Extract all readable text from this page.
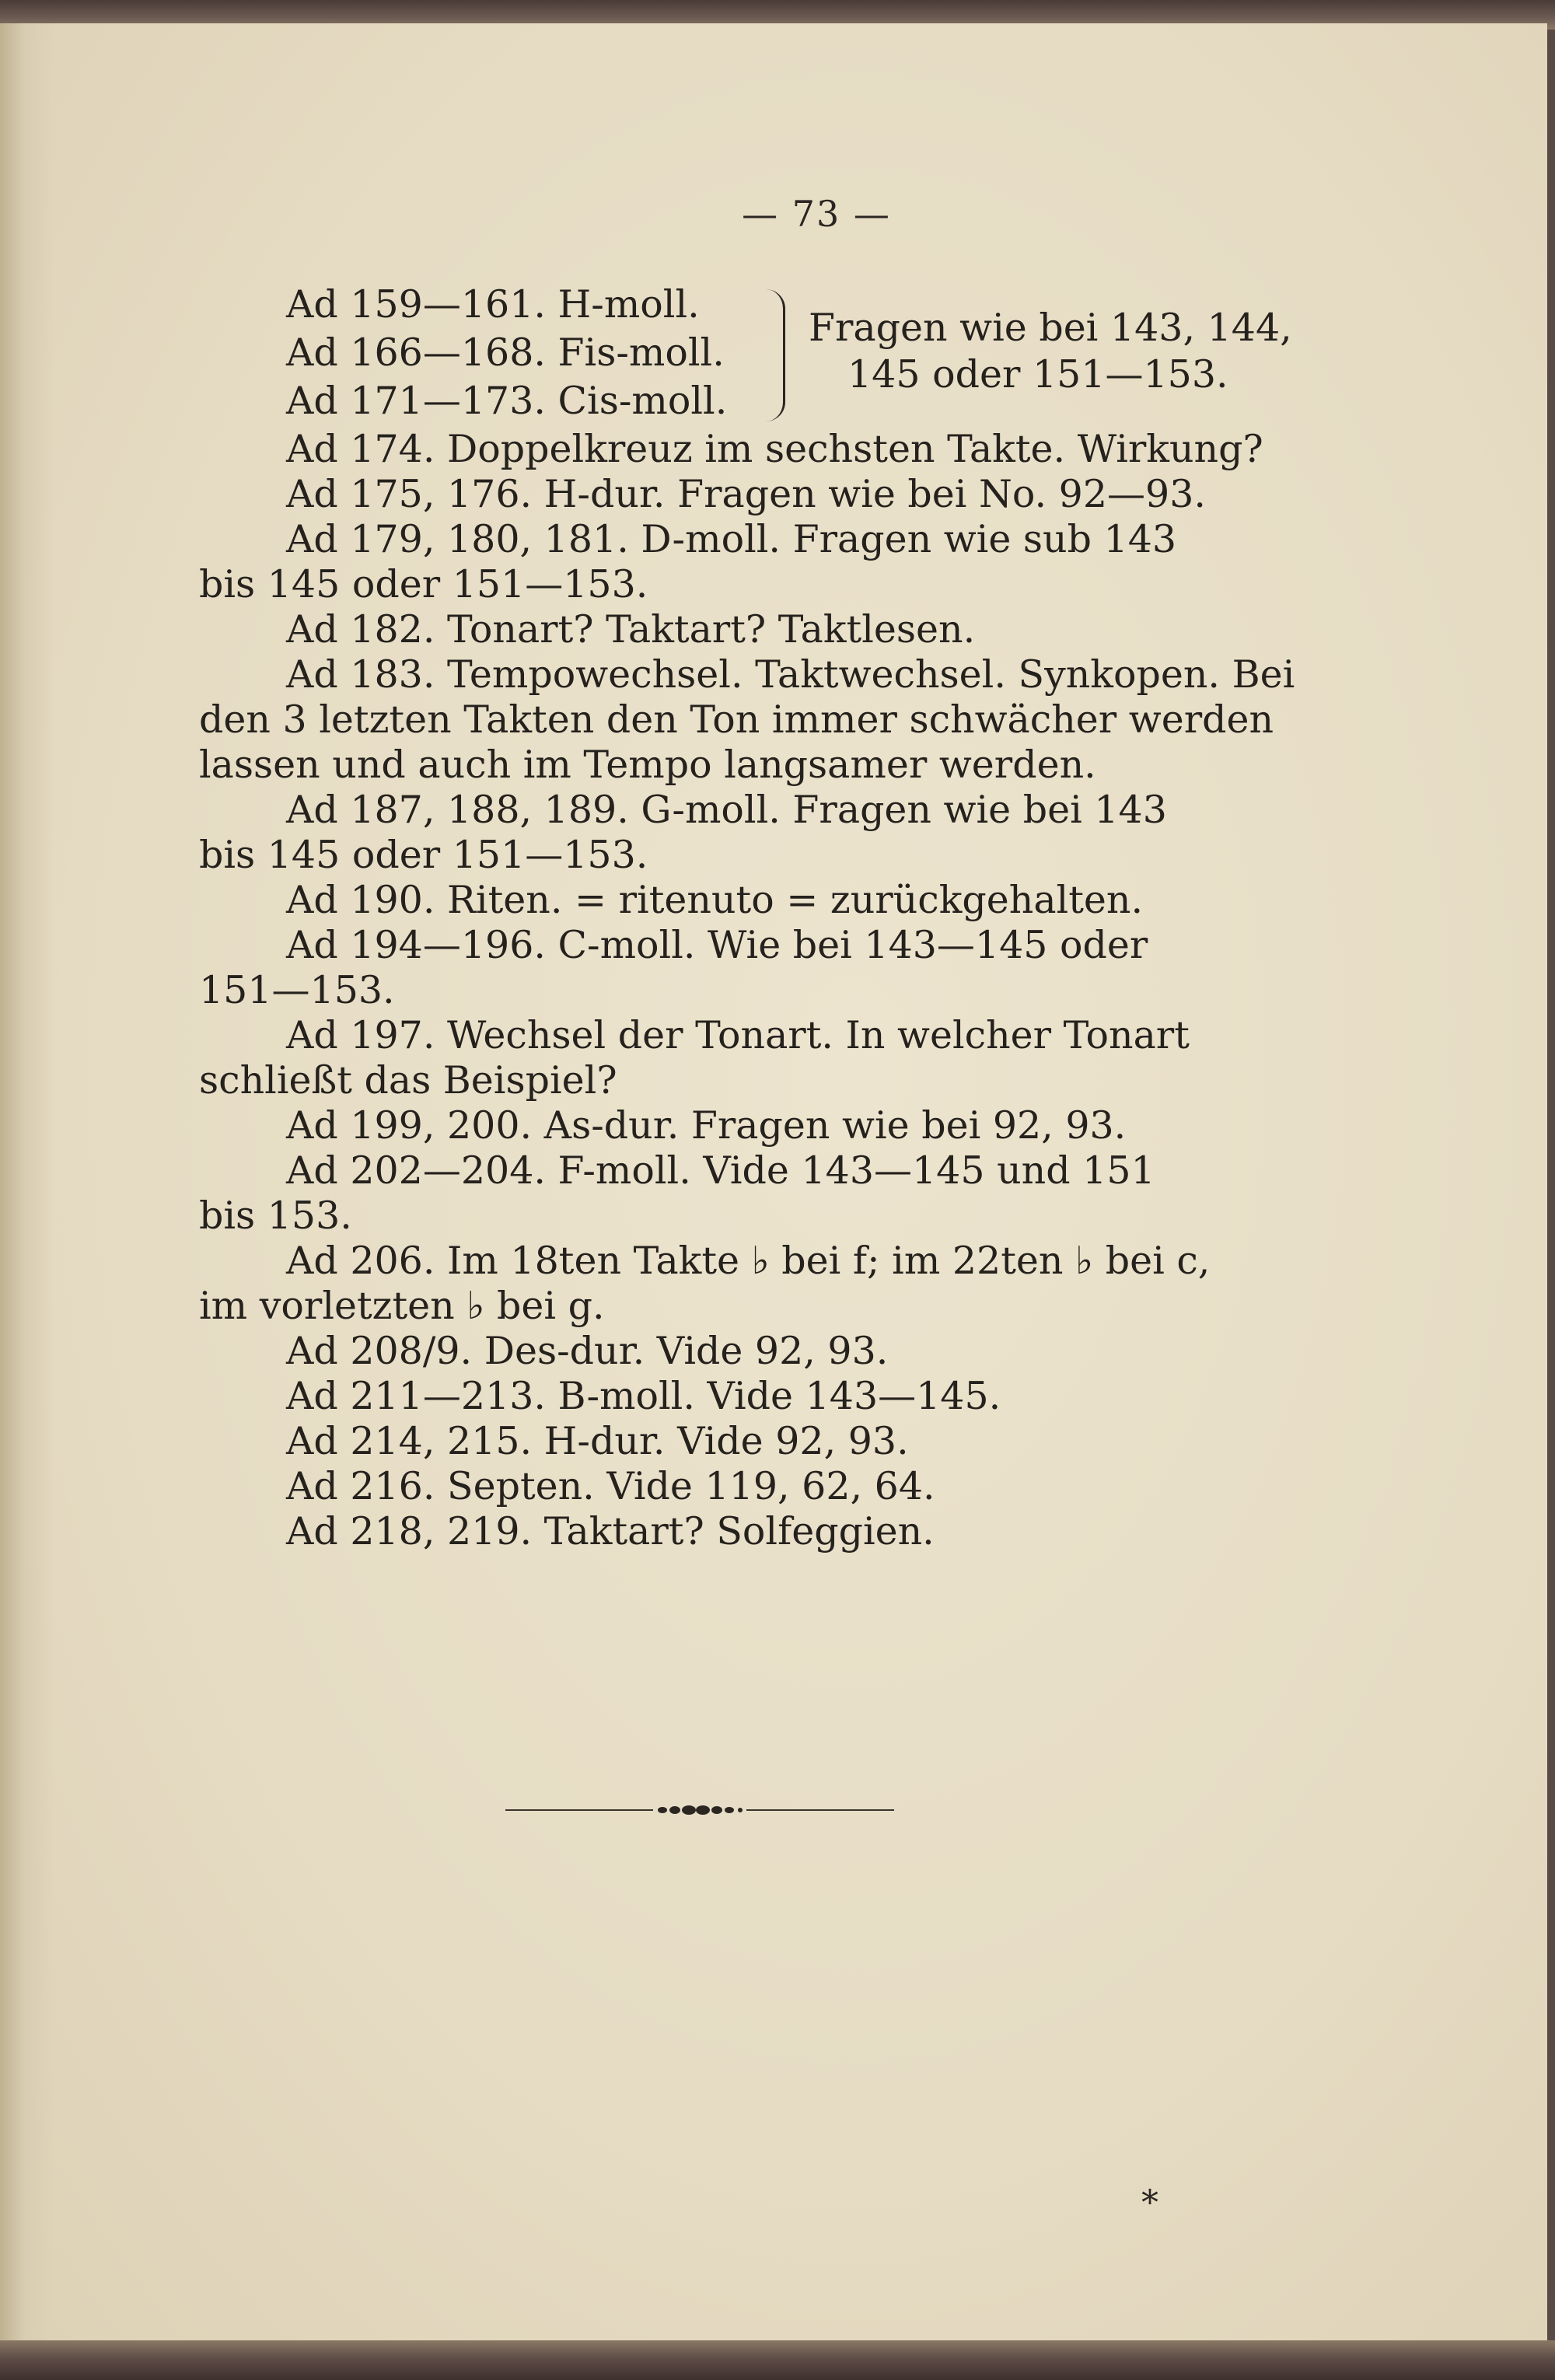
— 73 —
Ad 159—161. H-moll.
Ad 166—168. Fis-moll.
Ad 171—173. Cis-moll.
Fragen wie bei 143, 144,
145 oder 151—153.
Ad 174. Doppelkreuz im sechsten Takte. Wirkung?
Ad 175, 176. H-dur. Fragen wie bei No. 92—93.
Ad 179, 180, 181. D-moll. Fragen wie sub 143
bis 145 oder 151—153.
Ad 182. Tonart? Taktart? Taktlesen.
Ad 183. Tempowechsel. Taktwechsel. Synkopen. Bei
den 3 letzten Takten den Ton immer schwächer werden
lassen und auch im Tempo langsamer werden.
Ad 187, 188, 189. G-moll. Fragen wie bei 143
bis 145 oder 151—153.
Ad 190. Riten. = ritenuto = zurückgehalten.
Ad 194—196. C-moll. Wie bei 143—145 oder
151—153.
Ad 197. Wechsel der Tonart. In welcher Tonart
schließt das Beispiel?
Ad 199, 200. As-dur. Fragen wie bei 92, 93.
Ad 202—204. F-moll. Vide 143—145 und 151
bis 153.
Ad 206. Im 18ten Takte ♭ bei f; im 22ten ♭ bei c,
im vorletzten ♭ bei g.
Ad 208/9. Des-dur. Vide 92, 93.
Ad 211—213. B-moll. Vide 143—145.
Ad 214, 215. H-dur. Vide 92, 93.
Ad 216. Septen. Vide 119, 62, 64.
Ad 218, 219. Taktart? Solfeggien.
*
